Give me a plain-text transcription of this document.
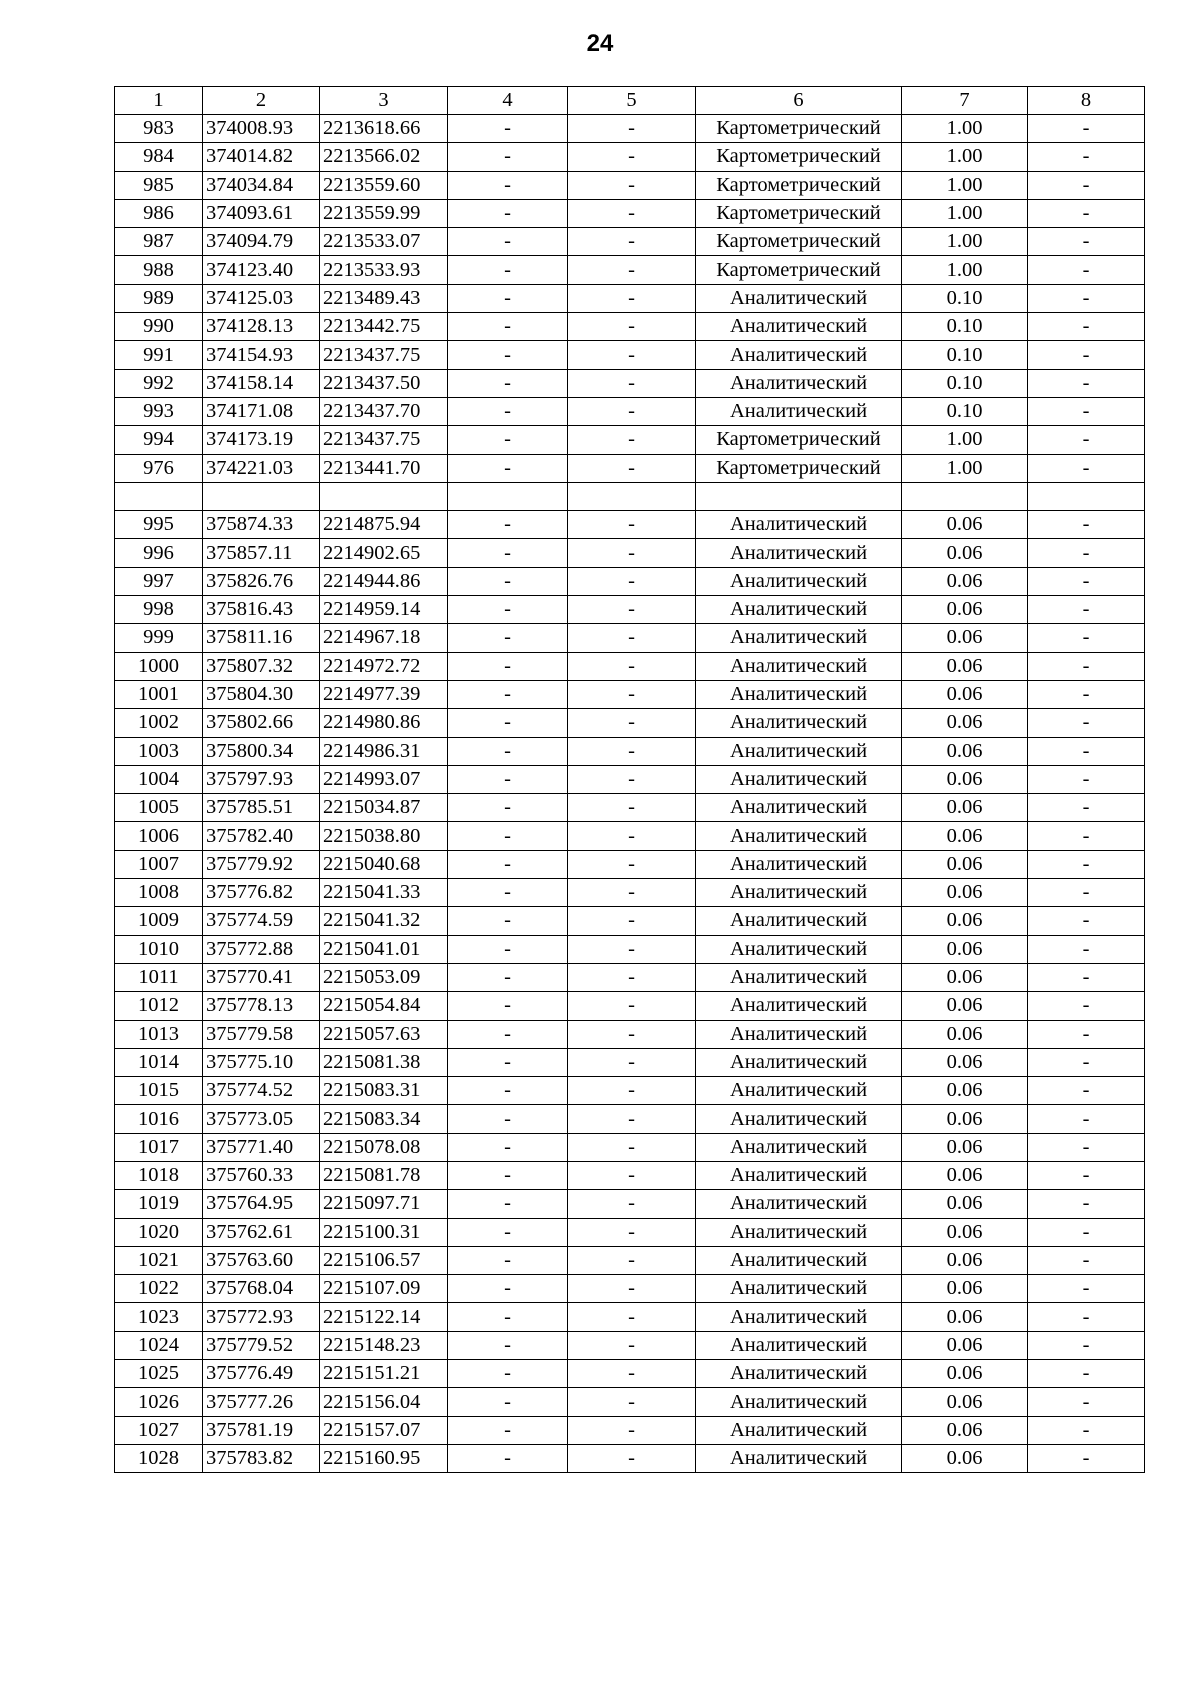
24
1	2	3	4	5	6	7	8
983	374008.93	2213618.66	-	-	Картометрический	1.00	-
984	374014.82	2213566.02	-	-	Картометрический	1.00	-
985	374034.84	2213559.60	-	-	Картометрический	1.00	-
986	374093.61	2213559.99	-	-	Картометрический	1.00	-
987	374094.79	2213533.07	-	-	Картометрический	1.00	-
988	374123.40	2213533.93	-	-	Картометрический	1.00	-
989	374125.03	2213489.43	-	-	Аналитический	0.10	-
990	374128.13	2213442.75	-	-	Аналитический	0.10	-
991	374154.93	2213437.75	-	-	Аналитический	0.10	-
992	374158.14	2213437.50	-	-	Аналитический	0.10	-
993	374171.08	2213437.70	-	-	Аналитический	0.10	-
994	374173.19	2213437.75	-	-	Картометрический	1.00	-
976	374221.03	2213441.70	-	-	Картометрический	1.00	-

995	375874.33	2214875.94	-	-	Аналитический	0.06	-
996	375857.11	2214902.65	-	-	Аналитический	0.06	-
997	375826.76	2214944.86	-	-	Аналитический	0.06	-
998	375816.43	2214959.14	-	-	Аналитический	0.06	-
999	375811.16	2214967.18	-	-	Аналитический	0.06	-
1000	375807.32	2214972.72	-	-	Аналитический	0.06	-
1001	375804.30	2214977.39	-	-	Аналитический	0.06	-
1002	375802.66	2214980.86	-	-	Аналитический	0.06	-
1003	375800.34	2214986.31	-	-	Аналитический	0.06	-
1004	375797.93	2214993.07	-	-	Аналитический	0.06	-
1005	375785.51	2215034.87	-	-	Аналитический	0.06	-
1006	375782.40	2215038.80	-	-	Аналитический	0.06	-
1007	375779.92	2215040.68	-	-	Аналитический	0.06	-
1008	375776.82	2215041.33	-	-	Аналитический	0.06	-
1009	375774.59	2215041.32	-	-	Аналитический	0.06	-
1010	375772.88	2215041.01	-	-	Аналитический	0.06	-
1011	375770.41	2215053.09	-	-	Аналитический	0.06	-
1012	375778.13	2215054.84	-	-	Аналитический	0.06	-
1013	375779.58	2215057.63	-	-	Аналитический	0.06	-
1014	375775.10	2215081.38	-	-	Аналитический	0.06	-
1015	375774.52	2215083.31	-	-	Аналитический	0.06	-
1016	375773.05	2215083.34	-	-	Аналитический	0.06	-
1017	375771.40	2215078.08	-	-	Аналитический	0.06	-
1018	375760.33	2215081.78	-	-	Аналитический	0.06	-
1019	375764.95	2215097.71	-	-	Аналитический	0.06	-
1020	375762.61	2215100.31	-	-	Аналитический	0.06	-
1021	375763.60	2215106.57	-	-	Аналитический	0.06	-
1022	375768.04	2215107.09	-	-	Аналитический	0.06	-
1023	375772.93	2215122.14	-	-	Аналитический	0.06	-
1024	375779.52	2215148.23	-	-	Аналитический	0.06	-
1025	375776.49	2215151.21	-	-	Аналитический	0.06	-
1026	375777.26	2215156.04	-	-	Аналитический	0.06	-
1027	375781.19	2215157.07	-	-	Аналитический	0.06	-
1028	375783.82	2215160.95	-	-	Аналитический	0.06	-
